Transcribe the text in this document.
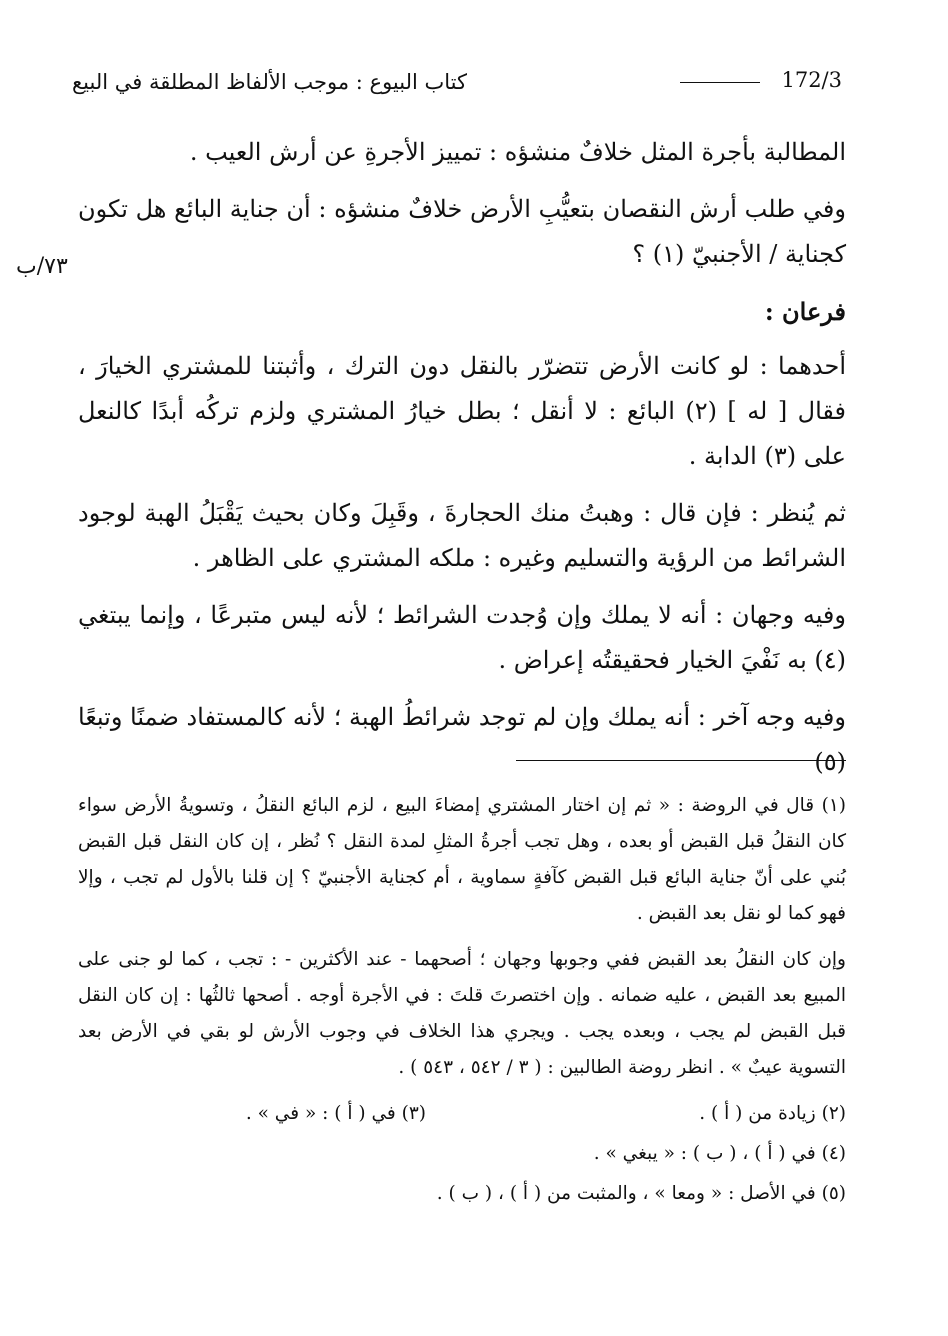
172/3
كتاب البيوع : موجب الألفاظ المطلقة في البيع
۷۳/ب

المطالبة بأجرة المثل خلافٌ منشؤه : تمييز الأجرةِ عن أرش العيب .

وفي طلب أرش النقصان بتعيُّبِ الأرض خلافٌ منشؤه : أن جناية البائع هل تكون كجناية / الأجنبيّ (١) ؟

فرعان :

أحدهما : لو كانت الأرض تتضرّر بالنقل دون الترك ، وأثبتنا للمشتري الخيارَ ، فقال [ له ] (٢) البائع : لا أنقل ؛ بطل خيارُ المشتري ولزم تركُه أبدًا كالنعل على (٣) الدابة .

ثم يُنظر : فإن قال : وهبتُ منك الحجارةَ ، وقَبِلَ وكان بحيث يَقْبَلُ الهبة لوجود الشرائط من الرؤية والتسليم وغيره : ملكه المشتري على الظاهر .

وفيه وجهان : أنه لا يملك وإن وُجدت الشرائط ؛ لأنه ليس متبرعًا ، وإنما يبتغي (٤) به نَفْيَ الخيار فحقيقتُه إعراض .

وفيه وجه آخر : أنه يملك وإن لم توجد شرائطُ الهبة ؛ لأنه كالمستفاد ضمنًا وتبعًا (٥)

(١) قال في الروضة : « ثم إن اختار المشتري إمضاءَ البيع ، لزم البائع النقلُ ، وتسويةُ الأرض سواء كان النقلُ قبل القبض أو بعده ، وهل تجب أجرةُ المثلِ لمدة النقل ؟ نُظر ، إن كان النقل قبل القبض بُني على أنّ جناية البائع قبل القبض كآفةٍ سماوية ، أم كجناية الأجنبيّ ؟ إن قلنا بالأول لم تجب ، وإلا فهو كما لو نقل بعد القبض .

وإن كان النقلُ بعد القبض ففي وجوبها وجهان ؛ أصحهما - عند الأكثرين - : تجب ، كما لو جنى على المبيع بعد القبض ، عليه ضمانه . وإن اختصرتَ قلتَ : في الأجرة أوجه . أصحها ثالثُها : إن كان النقل قبل القبض لم يجب ، وبعده يجب . ويجري هذا الخلاف في وجوب الأرش لو بقي في الأرض بعد التسوية عيبٌ » . انظر روضة الطالبين : ( ٣ / ٥٤٢ ، ٥٤٣ ) .

(٢) زيادة من ( أ ) .
(٣) في ( أ ) : « في » .
(٤) في ( أ ) ، ( ب ) : « يبغي » .
(٥) في الأصل : « ومعا » ، والمثبت من ( أ ) ، ( ب ) .
